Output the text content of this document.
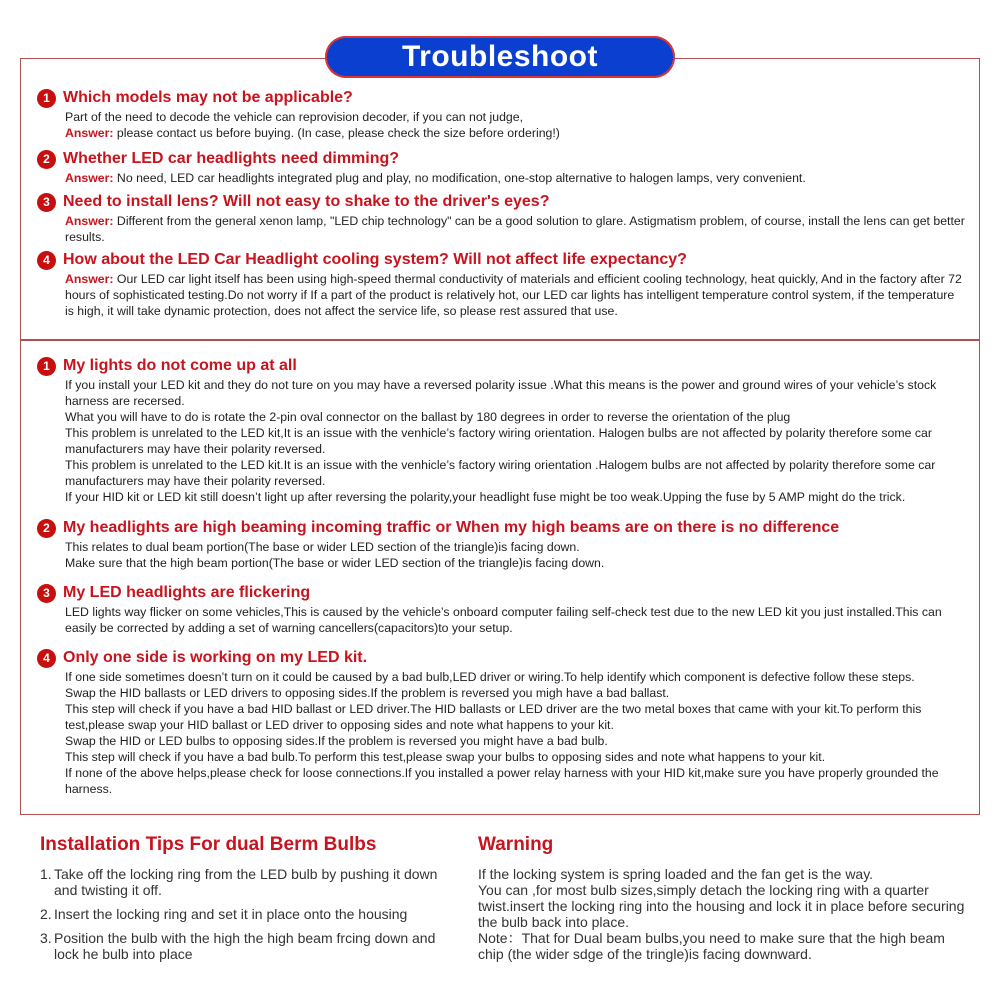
Troubleshoot
1 Which models may not be applicable?

Part of the need to decode the vehicle can reprovision decoder, if you can not judge,

Answer: please contact us before buying. (In case, please check the size before ordering!)

2 Whether LED car headlights need dimming?

Answer: No need, LED car headlights integrated plug and play, no modification, one-stop alternative to halogen lamps, very convenient.

3 Need to install lens? Will not easy to shake to the driver's eyes?

Answer: Different from the general xenon lamp, "LED chip technology" can be a good solution to glare. Astigmatism problem, of course, install the lens can get better results.

4 How about the LED Car Headlight cooling system? Will not affect life expectancy?

Answer: Our LED car light itself has been using high-speed thermal conductivity of materials and efficient cooling technology, heat quickly, And in the factory after 72 hours of sophisticated testing.Do not worry if If a part of the product is relatively hot, our LED car lights has intelligent temperature control system, if the temperature is high, it will take dynamic protection, does not affect the service life, so please rest assured that use.

1 My lights do not come up at all

If you install your LED kit and they do not ture on you may have a reversed polarity issue .What this means is the power and ground wires of your vehicle’s stock harness are recersed.

What you will have to do is rotate the 2-pin oval connector on the ballast by 180 degrees in order to reverse the orientation of the plug

This problem is unrelated to the LED kit,It is an issue with the venhicle’s factory wiring orientation. Halogen bulbs are not affected by polarity therefore some car manufacturers may have their polarity reversed.

This problem is unrelated to the LED kit.It is an issue with the venhicle’s factory wiring orientation .Halogem bulbs are not affected by polarity therefore some car manufacturers may have their polarity reversed.

If your HID kit or LED kit still doesn’t light up after reversing the polarity,your headlight fuse might be too weak.Upping the fuse by 5 AMP might do the trick.

2 My headlights are high beaming incoming traffic or When my high beams are on there is no difference

This relates to dual beam portion(The base or wider LED section of the triangle)is facing down.

Make sure that the high beam portion(The base or wider LED section of the triangle)is facing down.

3 My LED headlights are flickering

LED lights way flicker on some vehicles,This is caused by the vehicle’s onboard computer failing self-check test due to the new LED kit you just installed.This can easily be corrected by adding a set of warning cancellers(capacitors)to your setup.

4 Only one side is working on my LED kit.

If one side sometimes doesn’t turn on it could be caused by a bad bulb,LED driver or wiring.To help identify which component is defective follow these steps.

Swap the HID ballasts or LED drivers to opposing sides.If the problem is reversed you migh have a bad ballast.

This step will check if you have a bad HID ballast or LED driver.The HID ballasts or LED driver are the two metal boxes that came with your kit.To perform this test,please swap your HID ballast or LED driver to opposing sides and note what happens to your kit.

Swap the HID or LED bulbs to opposing sides.If the problem is reversed you might have a bad bulb.

This step will check if you have a bad bulb.To perform this test,please swap your bulbs to opposing sides and note what happens to your kit.

If none of the above helps,please check for loose connections.If you installed a power relay harness with your HID kit,make sure you have properly grounded the harness.

Installation Tips For dual Berm Bulbs
1. Take off the locking ring from the LED bulb by pushing it down and twisting it off.
2. Insert the locking ring and set it in place onto the housing
3. Position the bulb with the high the high beam frcing down and lock he bulb into place
Warning

If the locking system is spring loaded and the fan get is the way.

You can ,for most bulb sizes,simply detach the locking ring with a quarter twist.insert the locking ring into the housing and lock it in place before securing the bulb back into place.

Note：That for Dual beam bulbs,you need to make sure that the high beam chip (the wider sdge of the tringle)is facing downward.
